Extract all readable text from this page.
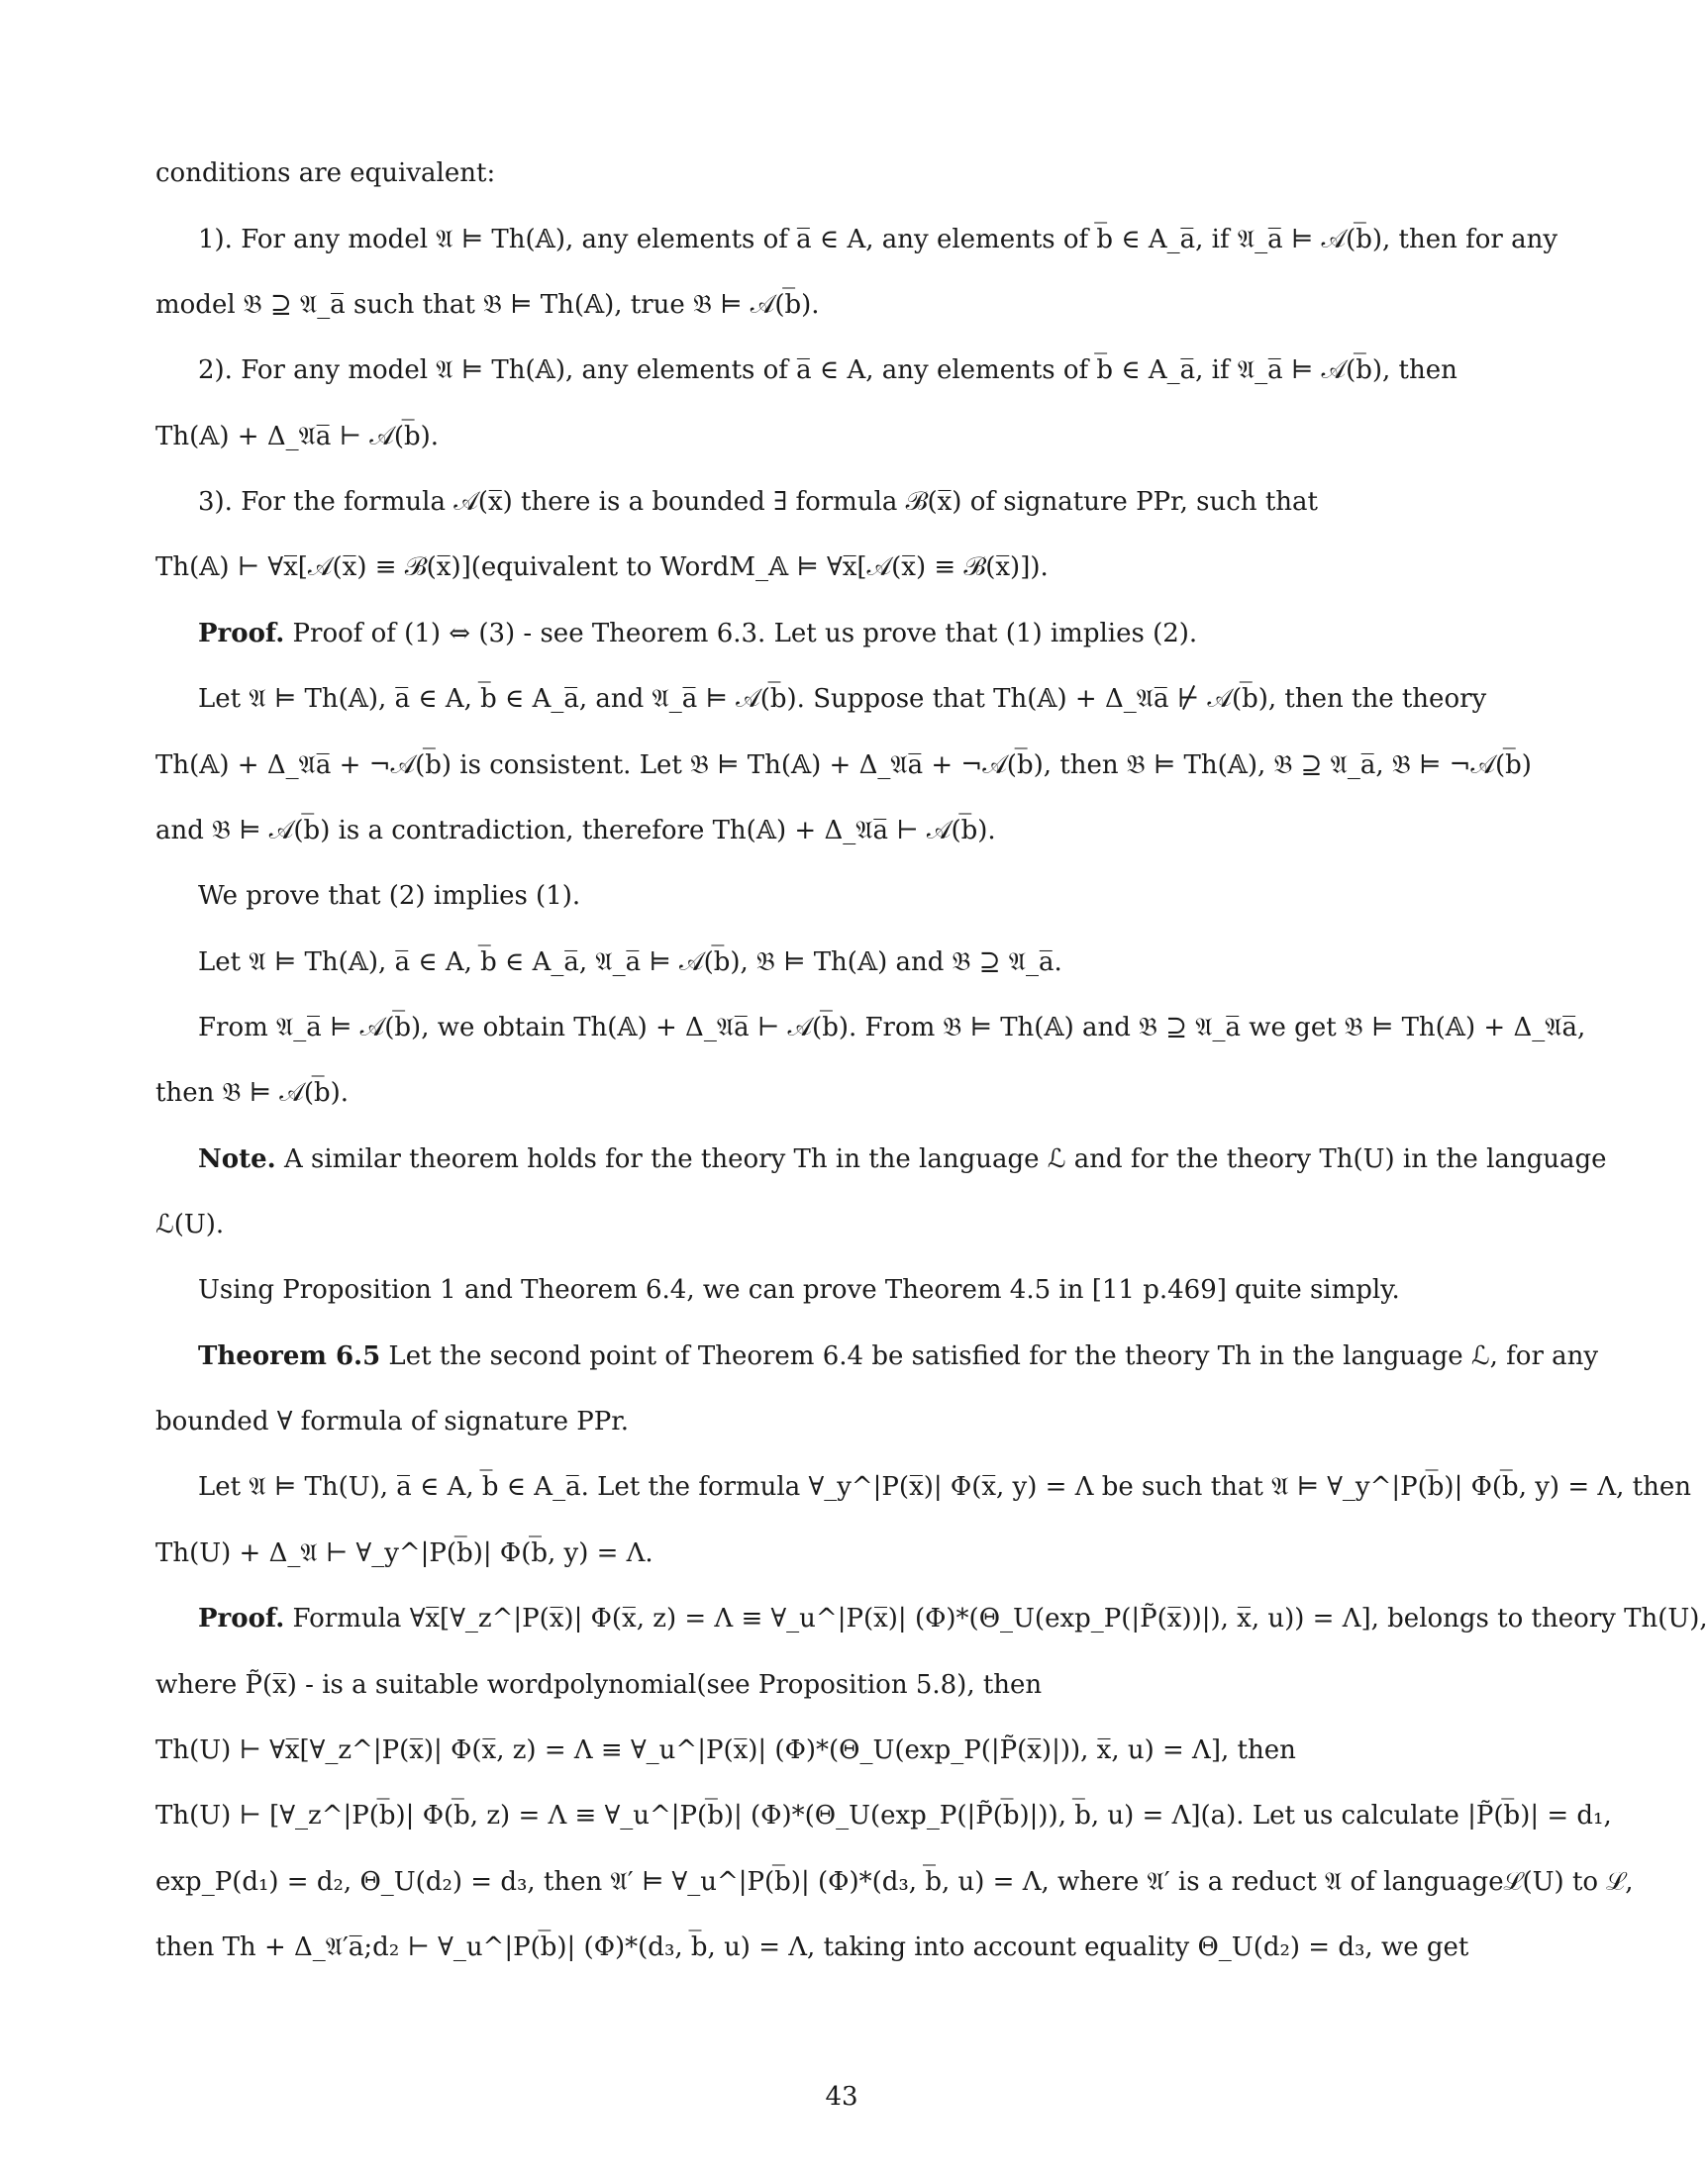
conditions are equivalent:
1). For any model 𝔄 ⊨ Th(𝔸), any elements of a̅ ∈ A, any elements of b̅ ∈ A_a̅, if 𝔄_a̅ ⊨ 𝒜(b̅), then for any
model 𝔅 ⊇ 𝔄_a̅ such that 𝔅 ⊨ Th(𝔸), true 𝔅 ⊨ 𝒜(b̅).
2). For any model 𝔄 ⊨ Th(𝔸), any elements of a̅ ∈ A, any elements of b̅ ∈ A_a̅, if 𝔄_a̅ ⊨ 𝒜(b̅), then
Th(𝔸) + Δ_𝔄a̅ ⊢ 𝒜(b̅).
3). For the formula 𝒜(x̅) there is a bounded ∃ formula ℬ(x̅) of signature PPr, such that
Th(𝔸) ⊢ ∀x̅[𝒜(x̅) ≡ ℬ(x̅)](equivalent to WordM_𝔸 ⊨ ∀x̅[𝒜(x̅) ≡ ℬ(x̅)]).
Proof. Proof of (1) ⇔ (3) - see Theorem 6.3. Let us prove that (1) implies (2).
Let 𝔄 ⊨ Th(𝔸), a̅ ∈ A, b̅ ∈ A_a̅, and 𝔄_a̅ ⊨ 𝒜(b̅). Suppose that Th(𝔸) + Δ_𝔄a̅ ⊬ 𝒜(b̅), then the theory
Th(𝔸) + Δ_𝔄a̅ + ¬𝒜(b̅) is consistent. Let 𝔅 ⊨ Th(𝔸) + Δ_𝔄a̅ + ¬𝒜(b̅), then 𝔅 ⊨ Th(𝔸), 𝔅 ⊇ 𝔄_a̅, 𝔅 ⊨ ¬𝒜(b̅)
and 𝔅 ⊨ 𝒜(b̅) is a contradiction, therefore Th(𝔸) + Δ_𝔄a̅ ⊢ 𝒜(b̅).
We prove that (2) implies (1).
Let 𝔄 ⊨ Th(𝔸), a̅ ∈ A, b̅ ∈ A_a̅, 𝔄_a̅ ⊨ 𝒜(b̅), 𝔅 ⊨ Th(𝔸) and 𝔅 ⊇ 𝔄_a̅.
From 𝔄_a̅ ⊨ 𝒜(b̅), we obtain Th(𝔸) + Δ_𝔄a̅ ⊢ 𝒜(b̅). From 𝔅 ⊨ Th(𝔸) and 𝔅 ⊇ 𝔄_a̅ we get 𝔅 ⊨ Th(𝔸) + Δ_𝔄a̅,
then 𝔅 ⊨ 𝒜(b̅).
Note. A similar theorem holds for the theory Th in the language ℒ and for the theory Th(U) in the language
ℒ(U).
Using Proposition 1 and Theorem 6.4, we can prove Theorem 4.5 in [11 p.469] quite simply.
Theorem 6.5 Let the second point of Theorem 6.4 be satisfied for the theory Th in the language ℒ, for any
bounded ∀ formula of signature PPr.
Let 𝔄 ⊨ Th(U), a̅ ∈ A, b̅ ∈ A_a̅. Let the formula ∀_y^|P(x̅)| Φ(x̅, y) = Λ be such that 𝔄 ⊨ ∀_y^|P(b̅)| Φ(b̅, y) = Λ, then
Th(U) + Δ_𝔄 ⊢ ∀_y^|P(b̅)| Φ(b̅, y) = Λ.
Proof. Formula ∀x̅[∀_z^|P(x̅)| Φ(x̅, z) = Λ ≡ ∀_u^|P(x̅)| (Φ)*(Θ_U(exp_P(|P̃(x̅))|), x̅, u)) = Λ], belongs to theory Th(U),
where P̃(x̅) - is a suitable wordpolynomial(see Proposition 5.8), then
Th(U) ⊢ ∀x̅[∀_z^|P(x̅)| Φ(x̅, z) = Λ ≡ ∀_u^|P(x̅)| (Φ)*(Θ_U(exp_P(|P̃(x̅)|)), x̅, u) = Λ], then
Th(U) ⊢ [∀_z^|P(b̅)| Φ(b̅, z) = Λ ≡ ∀_u^|P(b̅)| (Φ)*(Θ_U(exp_P(|P̃(b̅)|)), b̅, u) = Λ](a). Let us calculate |P̃(b̅)| = d₁,
exp_P(d₁) = d₂, Θ_U(d₂) = d₃, then 𝔄′ ⊨ ∀_u^|P(b̅)| (Φ)*(d₃, b̅, u) = Λ, where 𝔄′ is a reduct 𝔄 of languageℒ(U) to ℒ,
then Th + Δ_𝔄′a̅;d₂ ⊢ ∀_u^|P(b̅)| (Φ)*(d₃, b̅, u) = Λ, taking into account equality Θ_U(d₂) = d₃, we get
43
